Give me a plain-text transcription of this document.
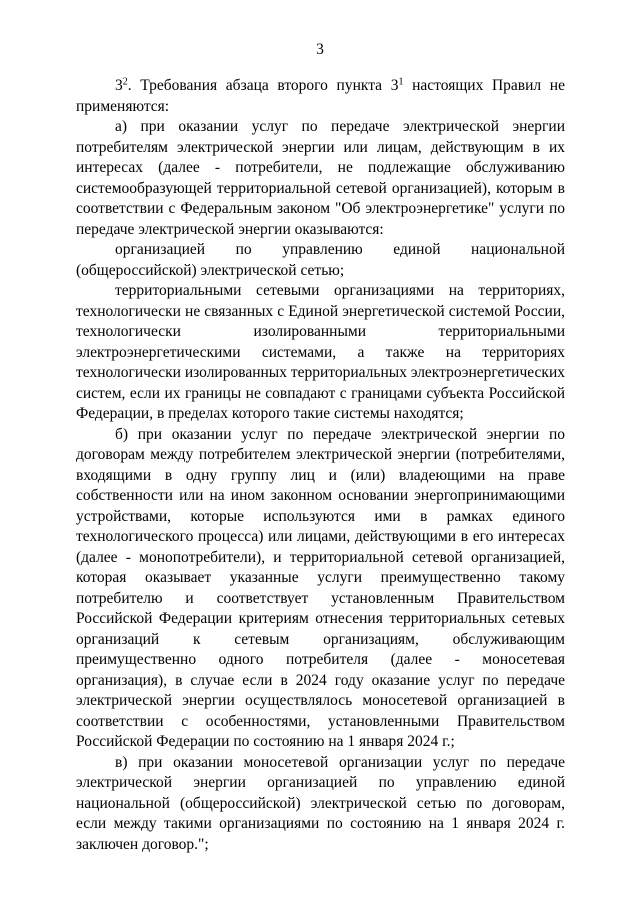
3

$3^2$. Требования абзаца второго пункта $3^1$ настоящих Правил не применяются:

а) при оказании услуг по передаче электрической энергии потребителям электрической энергии или лицам, действующим в их интересах (далее - потребители, не подлежащие обслуживанию системообразующей территориальной сетевой организацией), которым в соответствии с Федеральным законом "Об электроэнергетике" услуги по передаче электрической энергии оказываются:

организацией по управлению единой национальной (общероссийской) электрической сетью;

территориальными сетевыми организациями на территориях, технологически не связанных с Единой энергетической системой России, технологически изолированными территориальными электроэнергетическими системами, а также на территориях технологически изолированных территориальных электроэнергетических систем, если их границы не совпадают с границами субъекта Российской Федерации, в пределах которого такие системы находятся;

б) при оказании услуг по передаче электрической энергии по договорам между потребителем электрической энергии (потребителями, входящими в одну группу лиц и (или) владеющими на праве собственности или на ином законном основании энергопринимающими устройствами, которые используются ими в рамках единого технологического процесса) или лицами, действующими в его интересах (далее - монопотребители), и территориальной сетевой организацией, которая оказывает указанные услуги преимущественно такому потребителю и соответствует установленным Правительством Российской Федерации критериям отнесения территориальных сетевых организаций к сетевым организациям, обслуживающим преимущественно одного потребителя (далее - моносетевая организация), в случае если в 2024 году оказание услуг по передаче электрической энергии осуществлялось моносетевой организацией в соответствии с особенностями, установленными Правительством Российской Федерации по состоянию на 1 января 2024 г.;

в) при оказании моносетевой организации услуг по передаче электрической энергии организацией по управлению единой национальной (общероссийской) электрической сетью по договорам, если между такими организациями по состоянию на 1 января 2024 г. заключен договор.";
